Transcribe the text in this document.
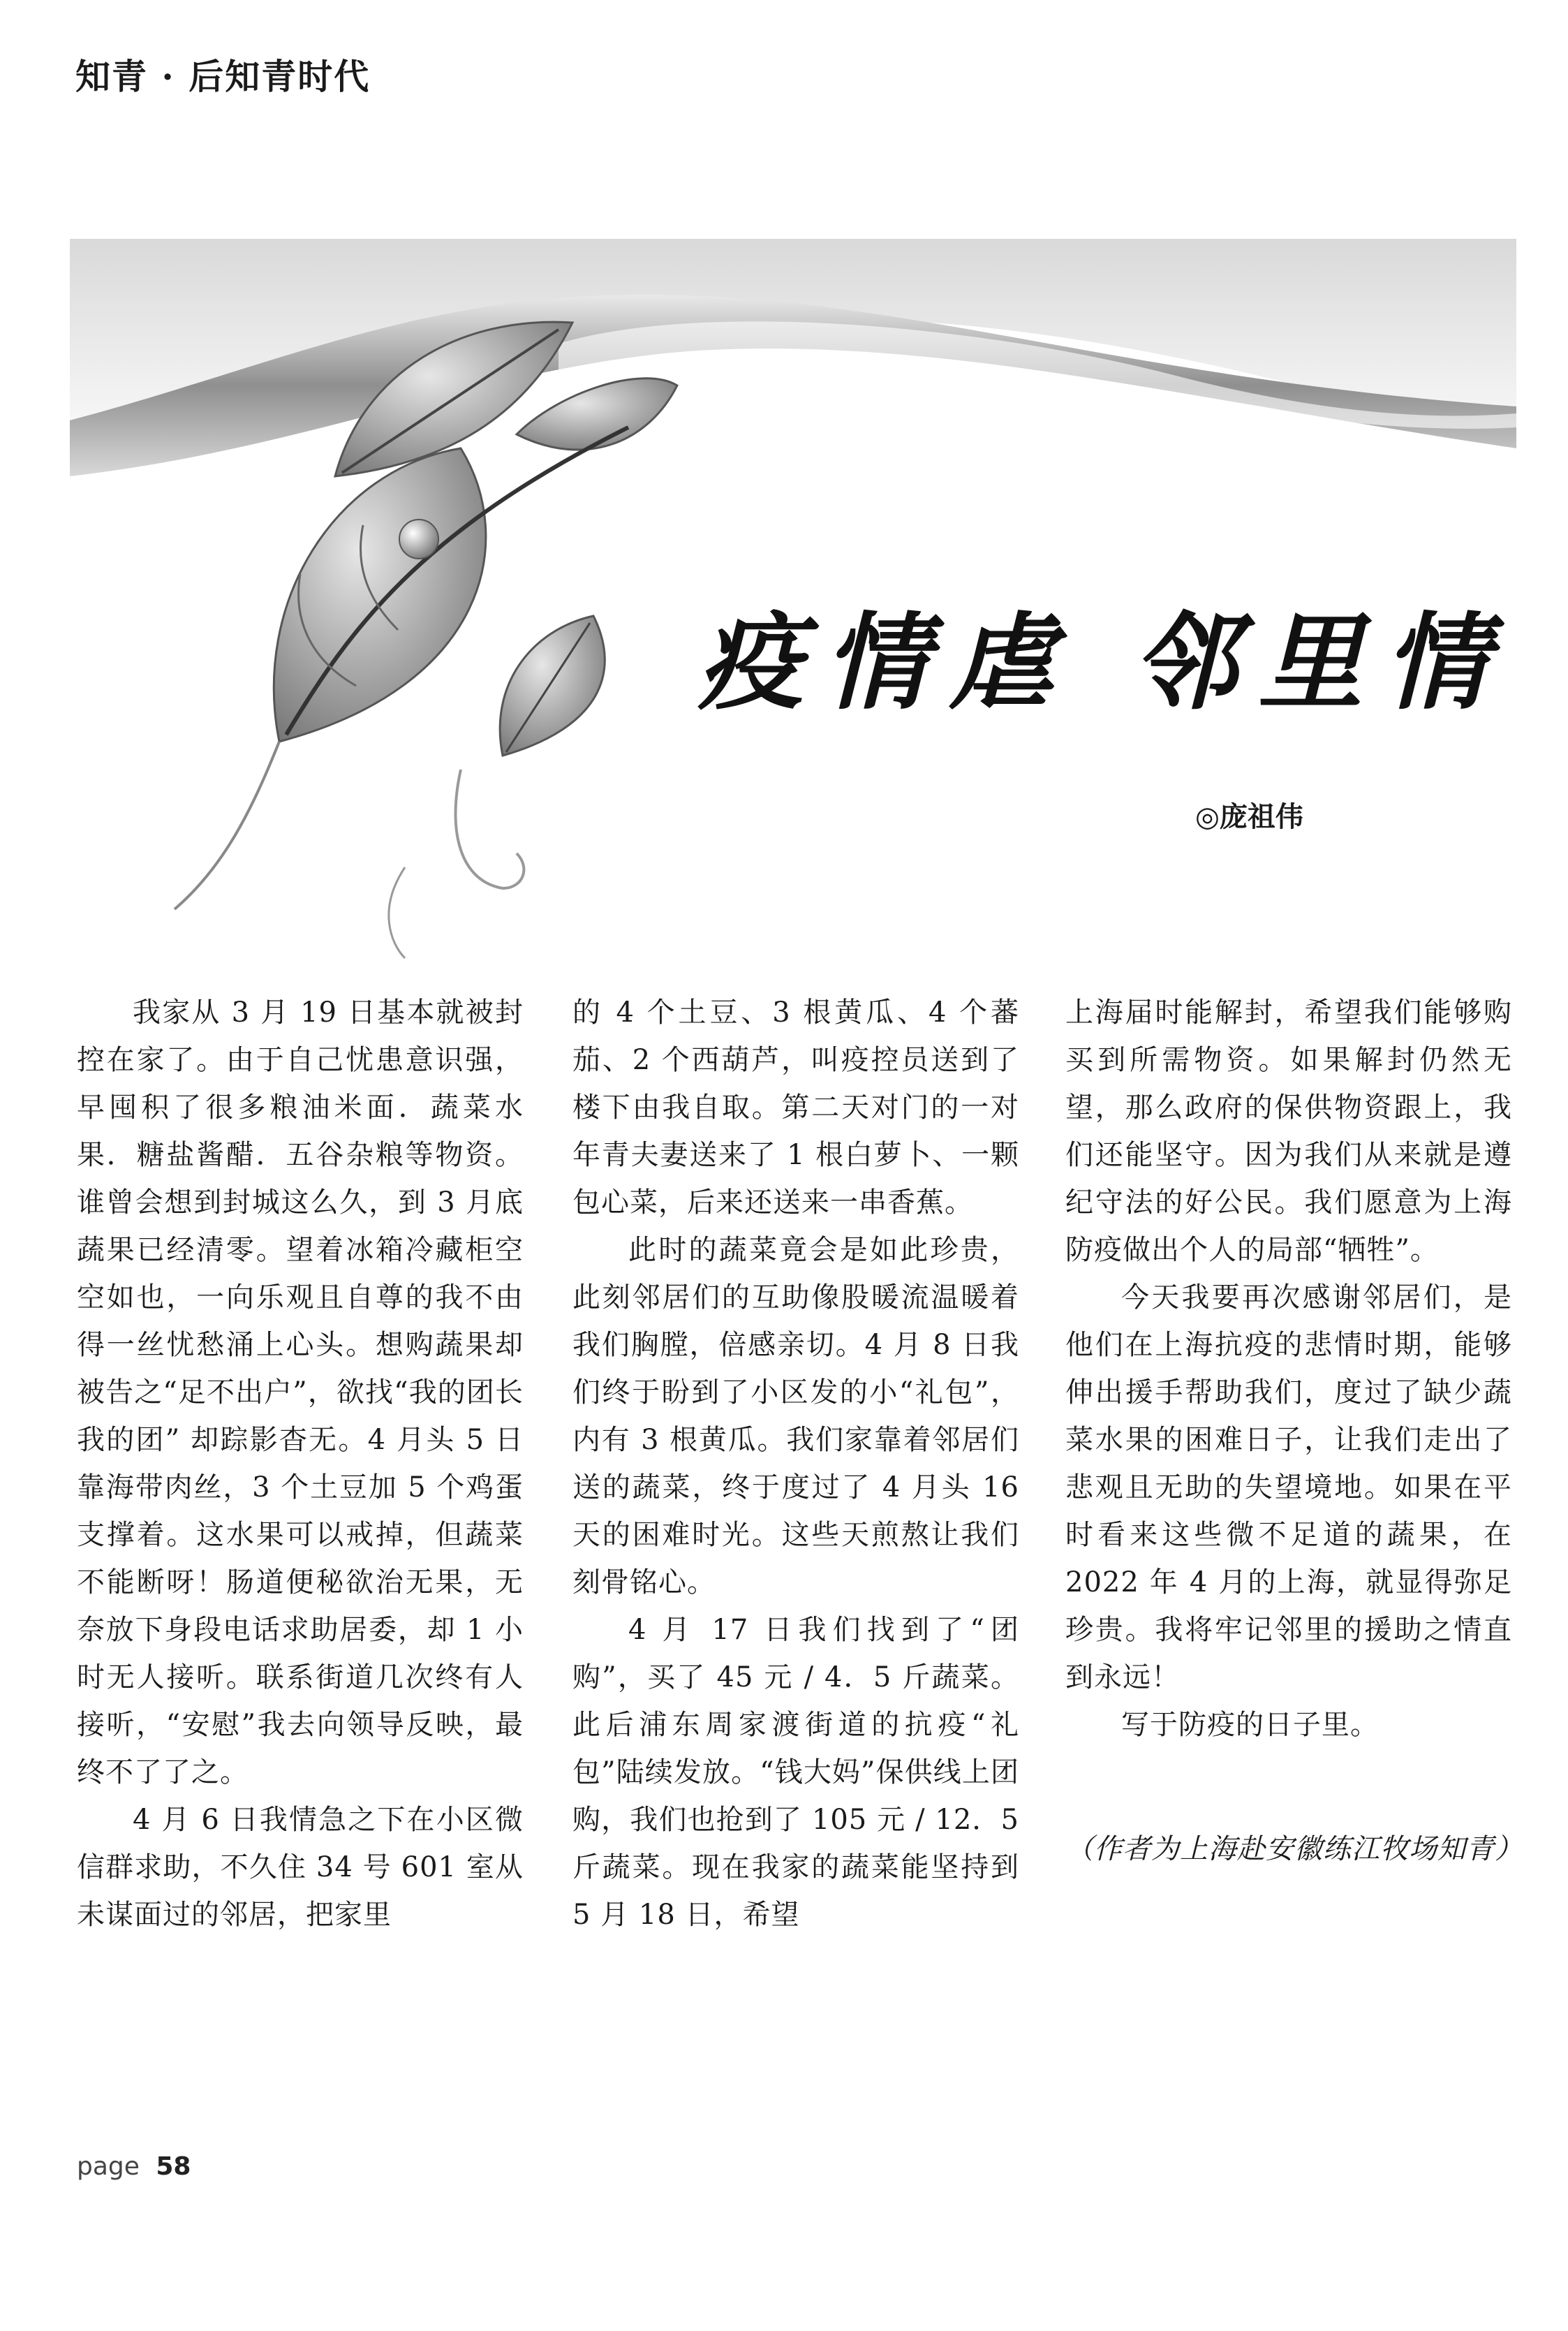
知青 · 后知青时代
疫情虐 邻里情
◎庞祖伟

我家从 3 月 19 日基本就被封控在家了。由于自己忧患意识强，早囤积了很多粮油米面．蔬菜水果．糖盐酱醋．五谷杂粮等物资。谁曾会想到封城这么久，到 3 月底蔬果已经清零。望着冰箱冷藏柜空空如也，一向乐观且自尊的我不由得一丝忧愁涌上心头。想购蔬果却被告之“足不出户”，欲找“我的团长我的团” 却踪影杳无。4 月头 5 日靠海带肉丝，3 个土豆加 5 个鸡蛋支撑着。这水果可以戒掉，但蔬菜不能断呀！肠道便秘欲治无果，无奈放下身段电话求助居委，却 1 小时无人接听。联系街道几次终有人接听，“安慰”我去向领导反映，最终不了了之。

4 月 6 日我情急之下在小区微信群求助，不久住 34 号 601 室从未谋面过的邻居，把家里

的 4 个土豆、3 根黄瓜、4 个蕃茄、2 个西葫芦，叫疫控员送到了楼下由我自取。第二天对门的一对年青夫妻送来了 1 根白萝卜、一颗包心菜，后来还送来一串香蕉。

此时的蔬菜竟会是如此珍贵，此刻邻居们的互助像股暖流温暖着我们胸膛，倍感亲切。4 月 8 日我们终于盼到了小区发的小“礼包”，内有 3 根黄瓜。我们家靠着邻居们送的蔬菜，终于度过了 4 月头 16 天的困难时光。这些天煎熬让我们刻骨铭心。

4 月 17 日我们找到了“团购”，买了 45 元 / 4．5 斤蔬菜。此后浦东周家渡街道的抗疫“礼包”陆续发放。“钱大妈”保供线上团购，我们也抢到了 105 元 / 12．5 斤蔬菜。现在我家的蔬菜能坚持到 5 月 18 日，希望

上海届时能解封，希望我们能够购买到所需物资。如果解封仍然无望，那么政府的保供物资跟上，我们还能坚守。因为我们从来就是遵纪守法的好公民。我们愿意为上海防疫做出个人的局部“牺牲”。

今天我要再次感谢邻居们，是他们在上海抗疫的悲情时期，能够伸出援手帮助我们，度过了缺少蔬菜水果的困难日子，让我们走出了悲观且无助的失望境地。如果在平时看来这些微不足道的蔬果，在 2022 年 4 月的上海，就显得弥足珍贵。我将牢记邻里的援助之情直到永远！

写于防疫的日子里。

（作者为上海赴安徽练江牧场知青）

page 58
